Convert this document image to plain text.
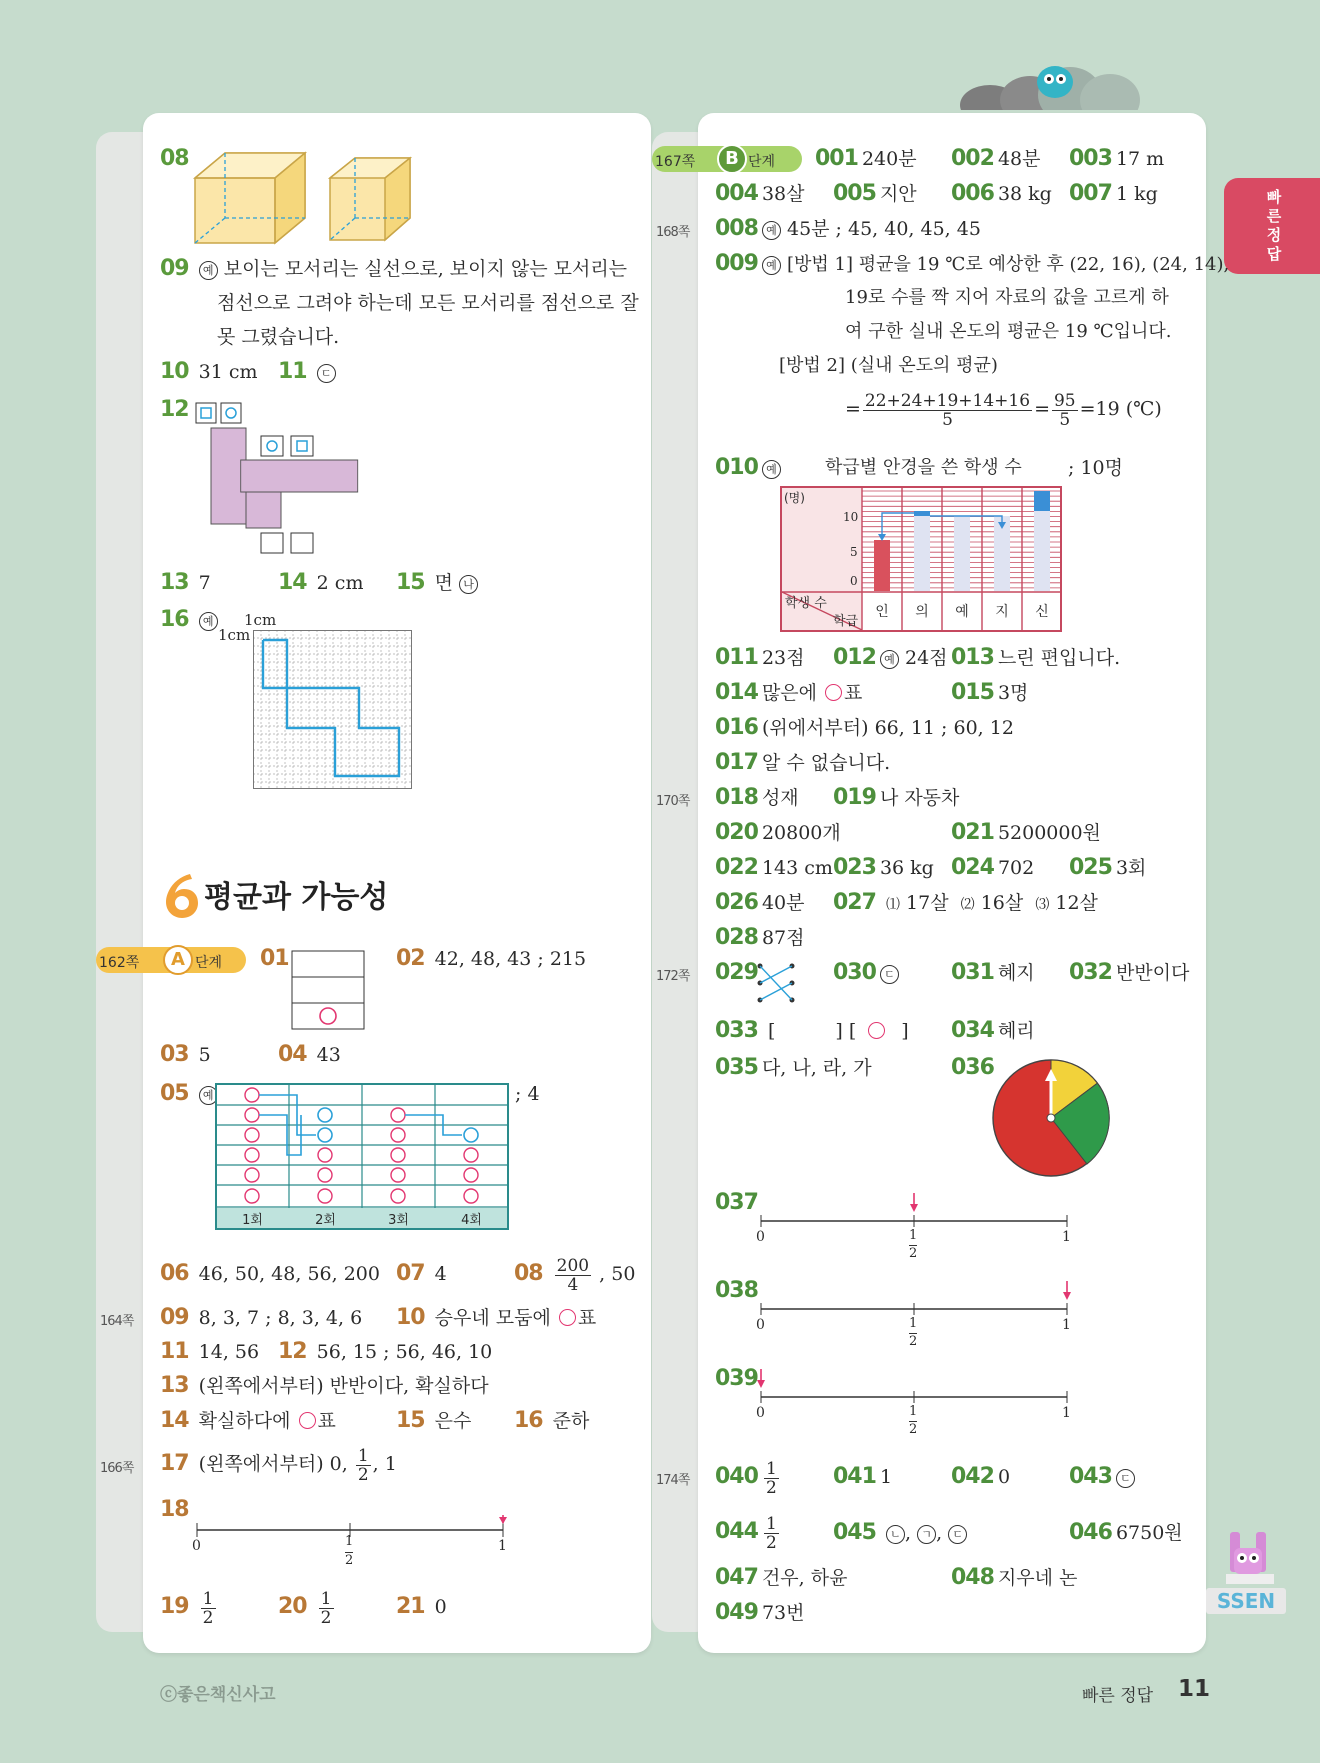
빠른정답
08
09 예 보이는 모서리는 실선으로, 보이지 않는 모서리는
점선으로 그려야 하는데 모든 모서리를 점선으로 잘
못 그렸습니다.
10 31 cm 11 ㄷ
12
13 7	14 2 cm 15 면 나
16 예 1cm
1cm
평균과 가능성
162쪽	A 단계 01	02 42, 48, 43 ; 215
03 5	04 43
05 예	; 4
1회	2회	3회	4회
06 46, 50, 48, 56, 200 07 4	$08 \frac{200}{4}$ , 50
164쪽 09 8, 3, 7 ; 8, 3, 4, 6 10 승우네 모둠에 ○ 표
11 14, 56 12 56, 15 ; 56, 46, 10
13 (왼쪽에서부터) 반반이다, 확실하다
14 확실하다에 ○ 표	15 은수 16 준하
166쪽 17 (왼쪽에서부터) 0, $\frac{1}{2}$ , 1
18
0	1
2
1
$19 \frac{1}{2}$	$20 \frac{1}{2}$	21 0
167쪽	B 단계 001 240분 002 48분 003 17 m
004 38살 005 지안 006 38 kg 007 1 kg
168쪽 008 예 45분 ; 45, 40, 45, 45
009 예 [방법 1] 평균을 19 ℃로 예상한 후 (22, 16), (24, 14),
19로 수를 짝 지어 자료의 값을 고르게 하
여 구한 실내 온도의 평균은 19 ℃입니다.
[방법 2] (실내 온도의 평균)
= $\frac{22+24+19+14+16}{5} = \frac{95}{5} =19$ (℃)
010 예	학급별 안경을 쓴 학생 수 ; 10명
(명)
10
5
0
학생 수
학급
인	의	예	지	신
011 23점 012 예 24점 013 느린 편입니다.
014 많은에 ○ 표	015 3명
016 (위에서부터) 66, 11 ; 60, 12
017 알 수 없습니다.
170쪽 018 성재 019 나 자동차
020 20800개	021 5200000원
022 143 cm 023 36 kg 024 702 025 3회
026 40분 027 ⑴ 17살 ⑵ 16살 ⑶ 12살
028 87점
172쪽 029	030 ㄷ	031 혜지 032 반반이다
033 [	] [ ○ ] 034 혜리
035 다, 나, 라, 가	036
037
0	1
2
1
038
0	1
2
1
039
0	1
2
1
174쪽 $040 \frac{1}{2} 041$ 1	042 0	043 ㄷ
$044 \frac{1}{2} 045$ ㄴ , ㄱ , ㄷ	046 6750원
047 건우, 하윤	048 지우네 논
049 73번	SSEN
ⓒ좋은책신사고	빠른 정답 11
